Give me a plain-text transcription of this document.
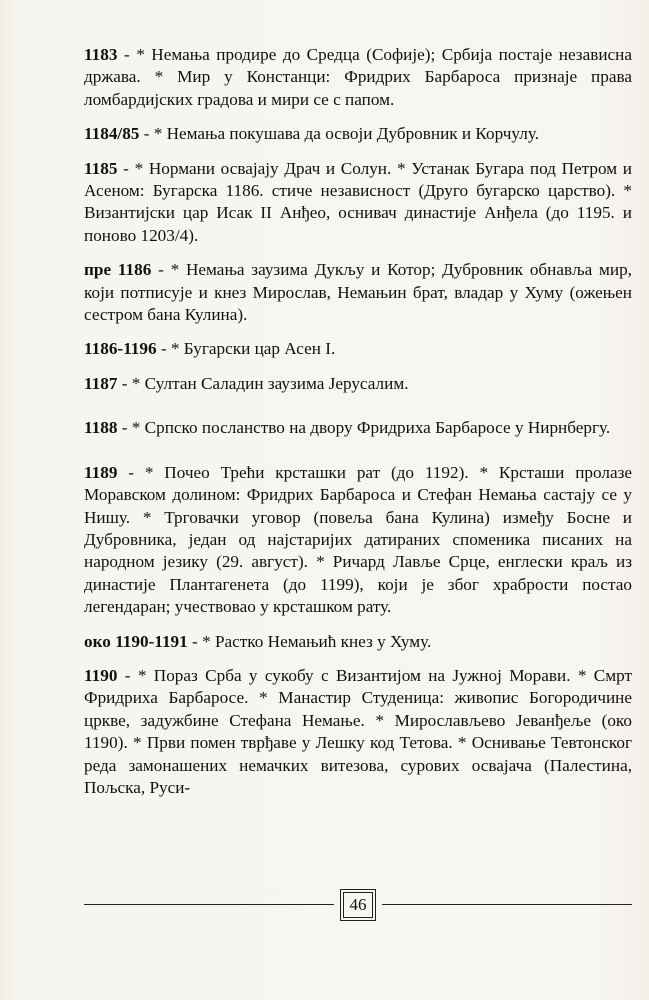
1183 - * Немања продире до Средца (Софије); Србија постаје независна држава. * Мир у Констанци: Фридрих Барбароса признаје права ломбардијских градова и мири се с папом.

1184/85 - * Немања покушава да освоји Дубровник и Корчулу.

1185 - * Нормани освајају Драч и Солун. * Устанак Бугара под Петром и Асеном: Бугарска 1186. стиче независност (Друго бугарско царство). * Византијски цар Исак II Анђео, оснивач династије Анђела (до 1195. и поново 1203/4).

пре 1186 - * Немања заузима Дукљу и Котор; Дубровник обнавља мир, који потписује и кнез Мирослав, Немањин брат, владар у Хуму (ожењен сестром бана Кулина).

1186-1196 - * Бугарски цар Асен I.

1187 - * Султан Саладин заузима Јерусалим.

1188 - * Српско посланство на двору Фридриха Барбаросе у Нирнбергу.

1189 - * Почео Трећи крсташки рат (до 1192). * Крсташи пролазе Моравском долином: Фридрих Барбароса и Стефан Немања састају се у Нишу. * Трговачки уговор (повеља бана Кулина) између Босне и Дубровника, један од најстаријих датираних споменика писаних на народном језику (29. август). * Ричард Лављe Срце, енглески краљ из династије Плантагенета (до 1199), који је због храбрости постао легендаран; учествовао у крсташком рату.

око 1190-1191 - * Растко Немањић кнез у Хуму.

1190 - * Пораз Срба у сукобу с Византијом на Јужној Морави. * Смрт Фридриха Барбаросе. * Манастир Студеница: живопис Богородичине цркве, задужбине Стефана Немање. * Мирослављево Јеванђеље (око 1190). * Први помен тврђаве у Лешку код Тетова. * Оснивање Тевтонског реда замонашених немачких витезова, сурових освајача (Палестина, Пољска, Руси-

46
